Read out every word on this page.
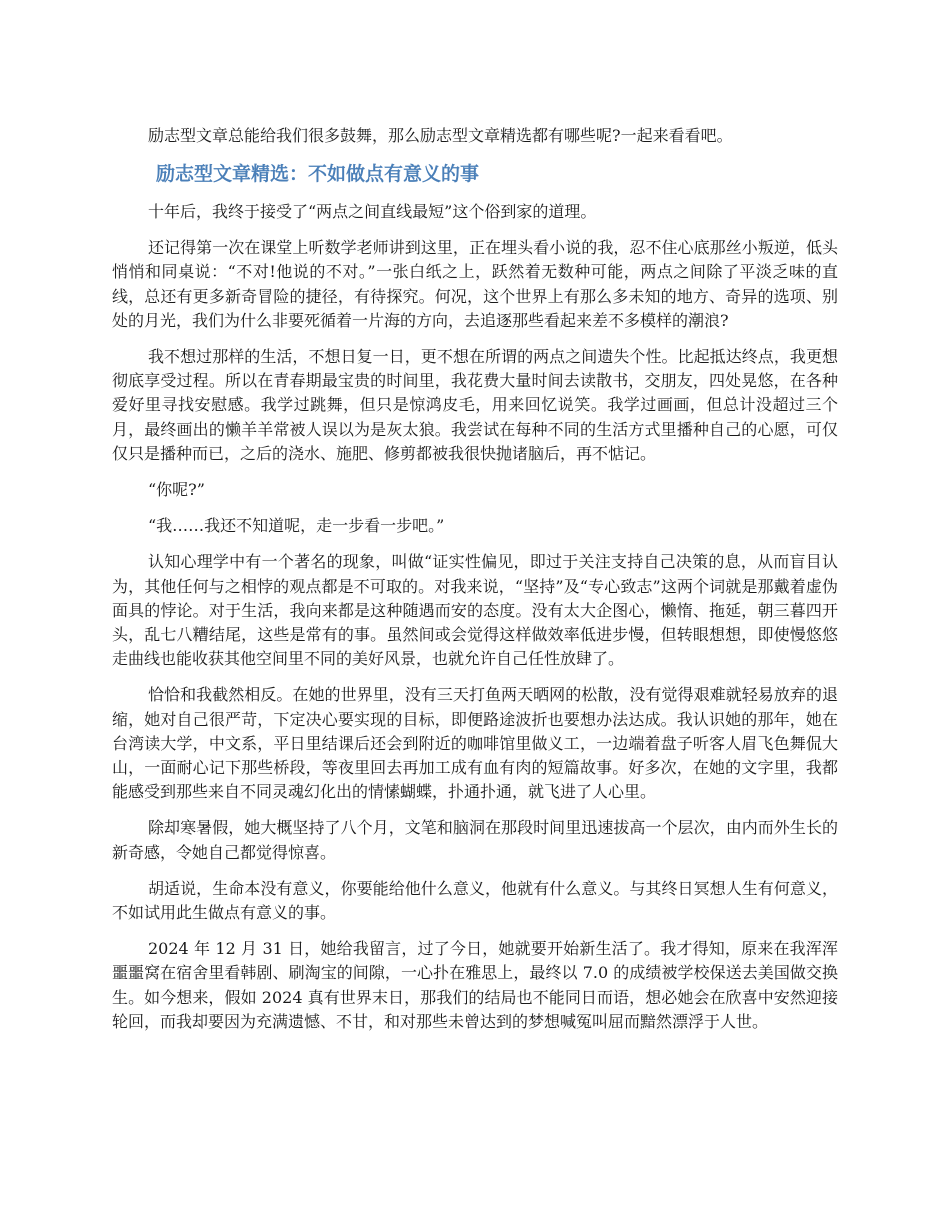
励志型文章总能给我们很多鼓舞，那么励志型文章精选都有哪些呢?一起来看看吧。

励志型文章精选：不如做点有意义的事

十年后，我终于接受了“两点之间直线最短”这个俗到家的道理。

还记得第一次在课堂上听数学老师讲到这里，正在埋头看小说的我，忍不住心底那丝小叛逆，低头悄悄和同桌说：“不对!他说的不对。”一张白纸之上，跃然着无数种可能，两点之间除了平淡乏味的直线，总还有更多新奇冒险的捷径，有待探究。何况，这个世界上有那么多未知的地方、奇异的选项、别处的月光，我们为什么非要死循着一片海的方向，去追逐那些看起来差不多模样的潮浪?

我不想过那样的生活，不想日复一日，更不想在所谓的两点之间遗失个性。比起抵达终点，我更想彻底享受过程。所以在青春期最宝贵的时间里，我花费大量时间去读散书，交朋友，四处晃悠，在各种爱好里寻找安慰感。我学过跳舞，但只是惊鸿皮毛，用来回忆说笑。我学过画画，但总计没超过三个月，最终画出的懒羊羊常被人误以为是灰太狼。我尝试在每种不同的生活方式里播种自己的心愿，可仅仅只是播种而已，之后的浇水、施肥、修剪都被我很快抛诸脑后，再不惦记。

“你呢?”

“我……我还不知道呢，走一步看一步吧。”

认知心理学中有一个著名的现象，叫做“证实性偏见，即过于关注支持自己决策的息，从而盲目认为，其他任何与之相悖的观点都是不可取的。对我来说，“坚持”及“专心致志”这两个词就是那戴着虚伪面具的悖论。对于生活，我向来都是这种随遇而安的态度。没有太大企图心，懒惰、拖延，朝三暮四开头，乱七八糟结尾，这些是常有的事。虽然间或会觉得这样做效率低进步慢，但转眼想想，即使慢悠悠走曲线也能收获其他空间里不同的美好风景，也就允许自己任性放肆了。

恰恰和我截然相反。在她的世界里，没有三天打鱼两天晒网的松散，没有觉得艰难就轻易放弃的退缩，她对自己很严苛，下定决心要实现的目标，即便路途波折也要想办法达成。我认识她的那年，她在台湾读大学，中文系，平日里结课后还会到附近的咖啡馆里做义工，一边端着盘子听客人眉飞色舞侃大山，一面耐心记下那些桥段，等夜里回去再加工成有血有肉的短篇故事。好多次，在她的文字里，我都能感受到那些来自不同灵魂幻化出的情愫蝴蝶，扑通扑通，就飞进了人心里。

除却寒暑假，她大概坚持了八个月，文笔和脑洞在那段时间里迅速拔高一个层次，由内而外生长的新奇感，令她自己都觉得惊喜。

胡适说，生命本没有意义，你要能给他什么意义，他就有什么意义。与其终日冥想人生有何意义，不如试用此生做点有意义的事。

2024 年 12 月 31 日，她给我留言，过了今日，她就要开始新生活了。我才得知，原来在我浑浑噩噩窝在宿舍里看韩剧、刷淘宝的间隙，一心扑在雅思上，最终以 7.0 的成绩被学校保送去美国做交换生。如今想来，假如 2024 真有世界末日，那我们的结局也不能同日而语，想必她会在欣喜中安然迎接轮回，而我却要因为充满遗憾、不甘，和对那些未曾达到的梦想喊冤叫屈而黯然漂浮于人世。
